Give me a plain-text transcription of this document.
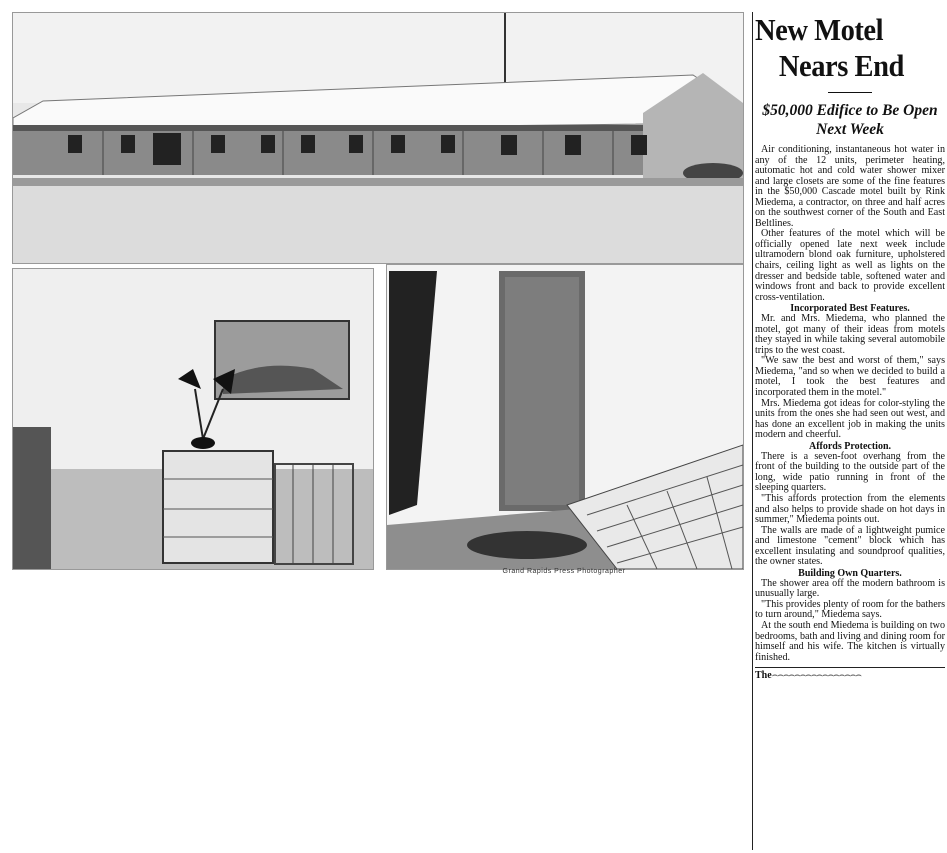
Grand Rapids Press Photographer
New Motel
Nears End

$50,000 Edifice to Be Open Next Week

Air conditioning, instantaneous hot water in any of the 12 units, perimeter heating, automatic hot and cold water shower mixer and large closets are some of the fine features in the $50,000 Cascade motel built by Rink Miedema, a contractor, on three and half acres on the southwest corner of the South and East Beltlines.

Other features of the motel which will be officially opened late next week include ultramodern blond oak furniture, upholstered chairs, ceiling light as well as lights on the dresser and bedside table, softened water and windows front and back to provide excellent cross-ventilation.

Incorporated Best Features.

Mr. and Mrs. Miedema, who planned the motel, got many of their ideas from motels they stayed in while taking several automobile trips to the west coast.

"We saw the best and worst of them," says Miedema, "and so when we decided to build a motel, I took the best features and incorporated them in the motel."

Mrs. Miedema got ideas for color-styling the units from the ones she had seen out west, and has done an excellent job in making the units modern and cheerful.

Affords Protection.

There is a seven-foot overhang from the front of the building to the outside part of the long, wide patio running in front of the sleeping quarters.

"This affords protection from the elements and also helps to provide shade on hot days in summer," Miedema points out.

The walls are made of a lightweight pumice and limestone "cement" block which has excellent insulating and soundproof qualities, the owner states.

Building Own Quarters.

The shower area off the modern bathroom is unusually large.

"This provides plenty of room for the bathers to turn around," Miedema says.

At the south end Miedema is building on two bedrooms, bath and living and dining room for himself and his wife. The kitchen is virtually finished.

The⌢⌢⌢⌢⌢⌢⌢⌢⌢⌢⌢⌢⌢⌢⌢⌢
